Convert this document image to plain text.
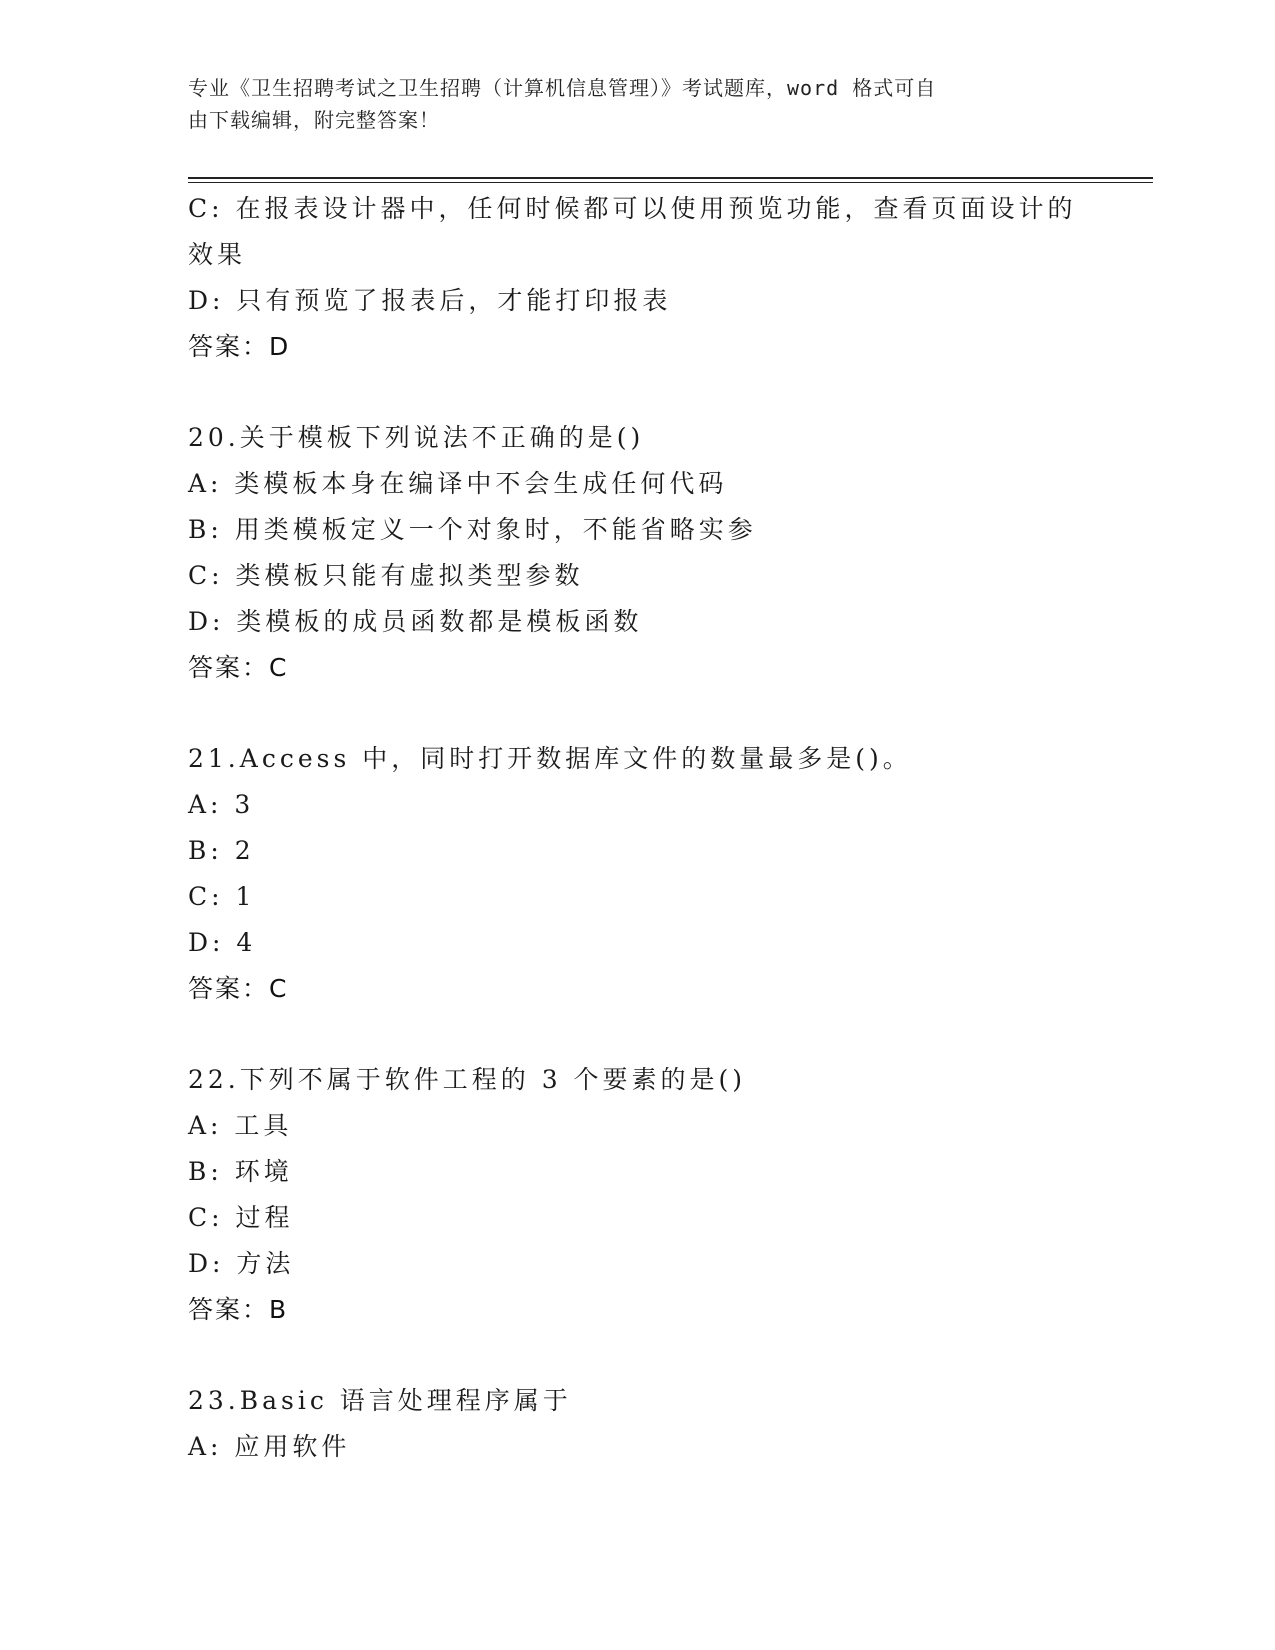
专业《卫生招聘考试之卫生招聘（计算机信息管理）》考试题库，word 格式可自
由下载编辑，附完整答案！
C: 在报表设计器中，任何时候都可以使用预览功能，查看页面设计的
效果
D: 只有预览了报表后，才能打印报表
答案：D
20.关于模板下列说法不正确的是()
A: 类模板本身在编译中不会生成任何代码
B: 用类模板定义一个对象时，不能省略实参
C: 类模板只能有虚拟类型参数
D: 类模板的成员函数都是模板函数
答案：C
21.Access 中，同时打开数据库文件的数量最多是()。
A: 3
B: 2
C: 1
D: 4
答案：C
22.下列不属于软件工程的 3 个要素的是()
A: 工具
B: 环境
C: 过程
D: 方法
答案：B
23.Basic 语言处理程序属于
A: 应用软件
